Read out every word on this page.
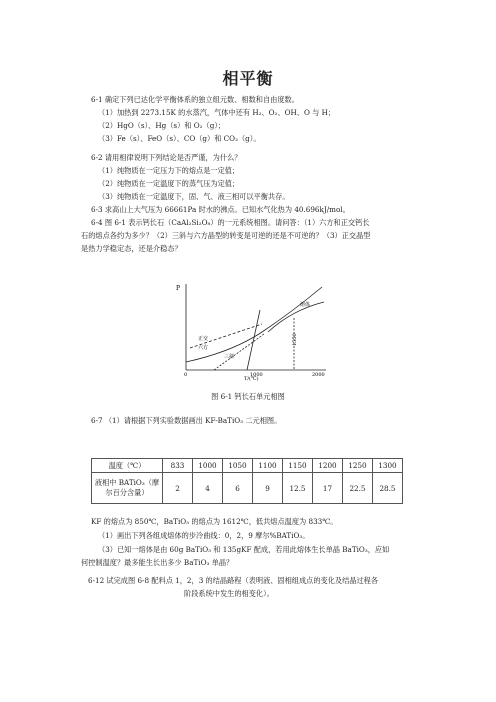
相平衡
6-1 确定下列已达化学平衡体系的独立组元数、相数和自由度数。
（1）加热到 2273.15K 的水蒸汽，气体中还有 H₂、O₂、OH、O 与 H；
（2）HgO（s）、Hg（s）和 O₂（g）；
（3）Fe（s）、FeO（s）、CO（g）和 CO₂（g）。
6-2 请用相律说明下列结论是否严谨，为什么？
（1）纯物质在一定压力下的熔点是一定值；
（2）纯物质在一定温度下的蒸气压为定值；
（3）纯物质在一定温度下，固、气、液三相可以平衡共存。
6-3 求高山上大气压为 66661Pa 时水的沸点。已知水气化热为 40.696kJ/mol。
6-4 图 6-1 表示钙长石（CaAl₂Si₂O₈）的一元系统相图。请问答：（1）六方和正交钙长
石的熔点各约为多少？（2）三斜与六方晶型的转变是可逆的还是不可逆的？（3）正交晶型
是热力学稳定态，还是介稳态？
P
T/(℃)
0	1000	2000
正交
六方
三斜
熔体
1550
图 6-1 钙长石单元相图
6-7 （1）请根据下列实验数据画出 KF-BaTiO₃ 二元相图。
温度（℃）	833	1000	1050	1100	1150	1200	1250	1300
液相中 BATiO₃（摩尔百分含量）	2	4	6	9	12.5	17	22.5	28.5
KF 的熔点为 850℃，BaTiO₃ 的熔点为 1612℃，低共熔点温度为 833℃。
（1）画出下列各组成熔体的步冷曲线：0，2，9 摩尔%BATiO₃。
（3）已知一熔体是由 60g BaTiO₃ 和 135gKF 配成，若用此熔体生长单晶 BaTiO₃，应如
何控制温度？最多能生长出多少 BaTiO₃ 单晶？
6-12 试完成图 6-8 配料点 1，2，3 的结晶路程（表明液、固相组成点的变化及结晶过程各
阶段系统中发生的相变化）。
